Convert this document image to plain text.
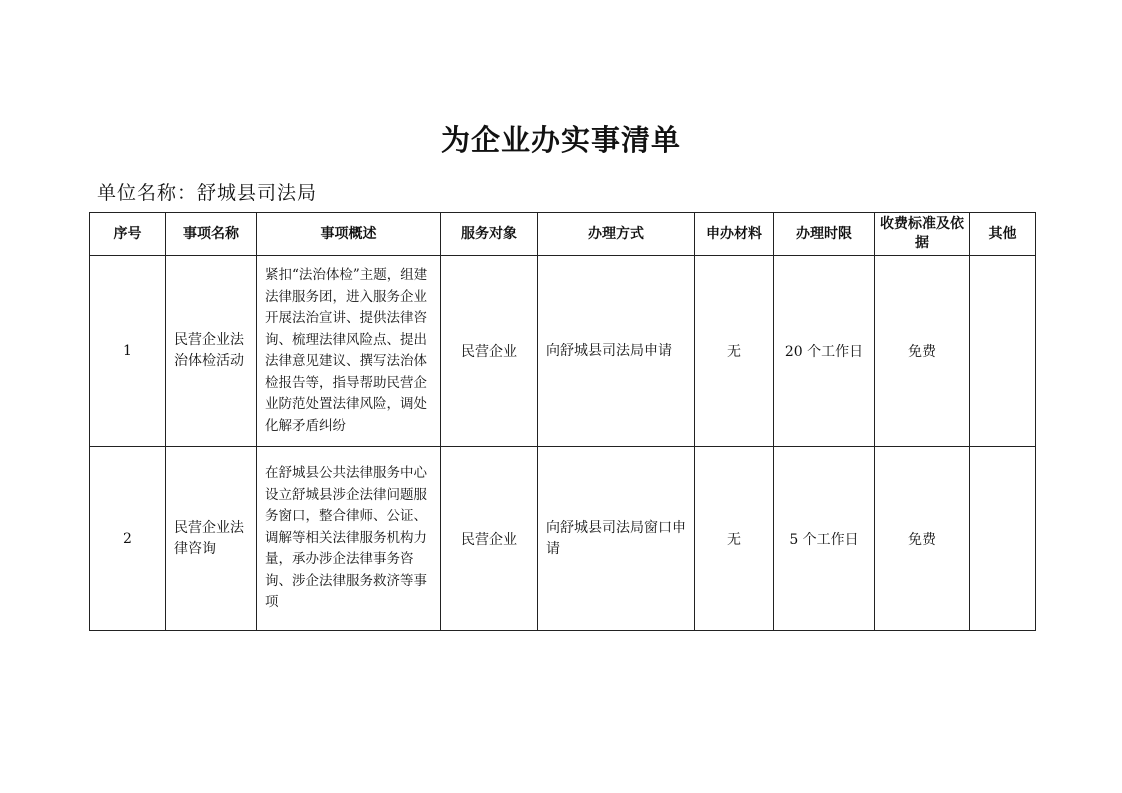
为企业办实事清单
单位名称：舒城县司法局
序号	事项名称	事项概述	服务对象	办理方式	申办材料	办理时限	收费标准及依据	其他
1	民营企业法治体检活动	紧扣“法治体检”主题，组建法律服务团，进入服务企业开展法治宣讲、提供法律咨询、梳理法律风险点、提出法律意见建议、撰写法治体检报告等，指导帮助民营企业防范处置法律风险，调处化解矛盾纠纷	民营企业	向舒城县司法局申请	无	20 个工作日	免费	
2	民营企业法律咨询	在舒城县公共法律服务中心设立舒城县涉企法律问题服务窗口，整合律师、公证、调解等相关法律服务机构力量，承办涉企法律事务咨询、涉企法律服务救济等事项	民营企业	向舒城县司法局窗口申请	无	5 个工作日	免费	
